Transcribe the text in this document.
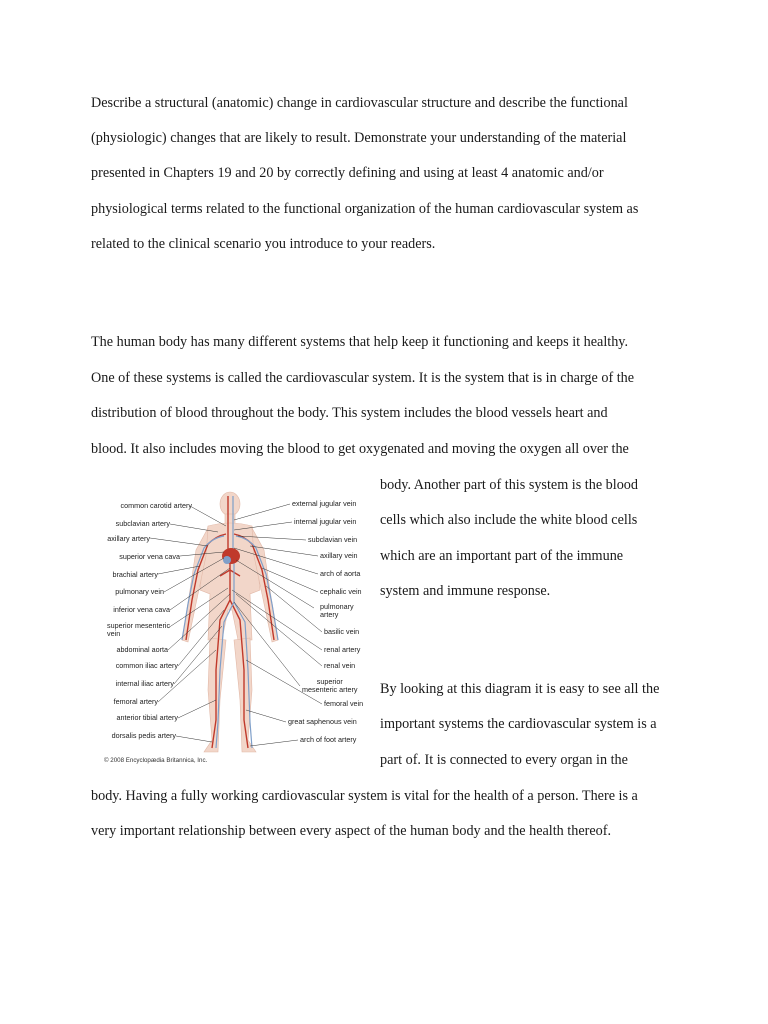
Describe a structural (anatomic) change in cardiovascular structure and describe the functional

(physiologic) changes that are likely to result. Demonstrate your understanding of the material

presented in Chapters 19 and 20 by correctly defining and using at least 4 anatomic and/or

physiological terms related to the functional organization of the human cardiovascular system as

related to the clinical scenario you introduce to your readers.

The human body has many different systems that help keep it functioning and keeps it healthy.

One of these systems is called the cardiovascular system. It is the system that is in charge of the

distribution of blood throughout the body. This system includes the blood vessels heart and

blood. It also includes moving the blood to get oxygenated and moving the oxygen all over the

body. Another part of this system is the blood

cells which also include the white blood cells

which are an important part of the immune

system and immune response.

By looking at this diagram it is easy to see all the

important systems the cardiovascular system is a

part of. It is connected to every organ in the

body. Having a fully working cardiovascular system is vital for the health of a person. There is a

very important relationship between every aspect of the human body and the health thereof.

common carotid artery
subclavian artery
axillary artery
superior vena cava
brachial artery
pulmonary vein
inferior vena cava
superior mesenteric
vein
abdominal aorta
common iliac artery
internal iliac artery
femoral artery
anterior tibial artery
dorsalis pedis artery
external jugular vein
internal jugular vein
subclavian vein
axillary vein
arch of aorta
cephalic vein
pulmonary
artery
basilic vein
renal artery
renal vein
superior
mesenteric artery
femoral vein
great saphenous vein
arch of foot artery
© 2008 Encyclopædia Britannica, Inc.
